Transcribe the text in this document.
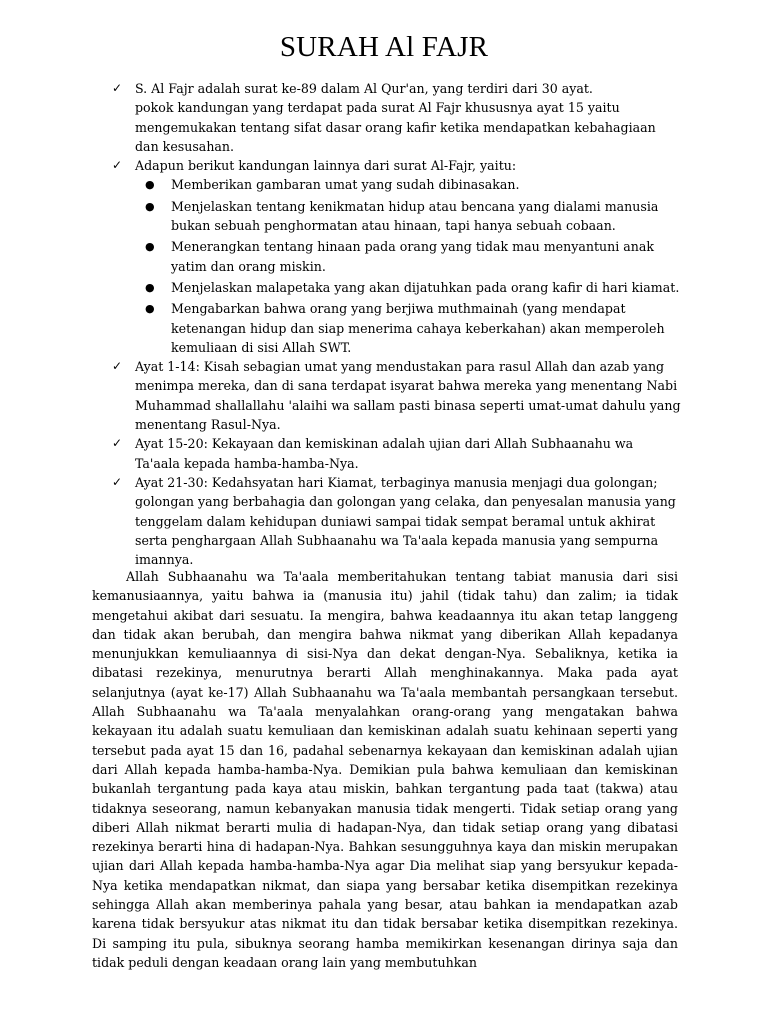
SURAH Al FAJR
✓ S. Al Fajr adalah surat ke-89 dalam Al Qur'an, yang terdiri dari 30 ayat.
pokok kandungan yang terdapat pada surat Al Fajr khususnya ayat 15 yaitu mengemukakan tentang sifat dasar orang kafir ketika mendapatkan kebahagiaan dan kesusahan.
✓ Adapun berikut kandungan lainnya dari surat Al-Fajr, yaitu:
● Memberikan gambaran umat yang sudah dibinasakan.
● Menjelaskan tentang kenikmatan hidup atau bencana yang dialami manusia bukan sebuah penghormatan atau hinaan, tapi hanya sebuah cobaan.
● Menerangkan tentang hinaan pada orang yang tidak mau menyantuni anak yatim dan orang miskin.
● Menjelaskan malapetaka yang akan dijatuhkan pada orang kafir di hari kiamat.
● Mengabarkan bahwa orang yang berjiwa muthmainah (yang mendapat ketenangan hidup dan siap menerima cahaya keberkahan) akan memperoleh kemuliaan di sisi Allah SWT.
✓ Ayat 1-14: Kisah sebagian umat yang mendustakan para rasul Allah dan azab yang menimpa mereka, dan di sana terdapat isyarat bahwa mereka yang menentang Nabi Muhammad shallallahu 'alaihi wa sallam pasti binasa seperti umat-umat dahulu yang menentang Rasul-Nya.
✓ Ayat 15-20: Kekayaan dan kemiskinan adalah ujian dari Allah Subhaanahu wa Ta'aala kepada hamba-hamba-Nya.
✓ Ayat 21-30: Kedahsyatan hari Kiamat, terbaginya manusia menjagi dua golongan; golongan yang berbahagia dan golongan yang celaka, dan penyesalan manusia yang tenggelam dalam kehidupan duniawi sampai tidak sempat beramal untuk akhirat serta penghargaan Allah Subhaanahu wa Ta'aala kepada manusia yang sempurna imannya.

Allah Subhaanahu wa Ta'aala memberitahukan tentang tabiat manusia dari sisi kemanusiaannya, yaitu bahwa ia (manusia itu) jahil (tidak tahu) dan zalim; ia tidak mengetahui akibat dari sesuatu. Ia mengira, bahwa keadaannya itu akan tetap langgeng dan tidak akan berubah, dan mengira bahwa nikmat yang diberikan Allah kepadanya menunjukkan kemuliaannya di sisi-Nya dan dekat dengan-Nya. Sebaliknya, ketika ia dibatasi rezekinya, menurutnya berarti Allah menghinakannya. Maka pada ayat selanjutnya (ayat ke-17) Allah Subhaanahu wa Ta'aala membantah persangkaan tersebut. Allah Subhaanahu wa Ta'aala menyalahkan orang-orang yang mengatakan bahwa kekayaan itu adalah suatu kemuliaan dan kemiskinan adalah suatu kehinaan seperti yang tersebut pada ayat 15 dan 16, padahal sebenarnya kekayaan dan kemiskinan adalah ujian dari Allah kepada hamba-hamba-Nya. Demikian pula bahwa kemuliaan dan kemiskinan bukanlah tergantung pada kaya atau miskin, bahkan tergantung pada taat (takwa) atau tidaknya seseorang, namun kebanyakan manusia tidak mengerti. Tidak setiap orang yang diberi Allah nikmat berarti mulia di hadapan-Nya, dan tidak setiap orang yang dibatasi rezekinya berarti hina di hadapan-Nya. Bahkan sesungguhnya kaya dan miskin merupakan ujian dari Allah kepada hamba-hamba-Nya agar Dia melihat siap yang bersyukur kepada-Nya ketika mendapatkan nikmat, dan siapa yang bersabar ketika disempitkan rezekinya sehingga Allah akan memberinya pahala yang besar, atau bahkan ia mendapatkan azab karena tidak bersyukur atas nikmat itu dan tidak bersabar ketika disempitkan rezekinya. Di samping itu pula, sibuknya seorang hamba memikirkan kesenangan dirinya saja dan tidak peduli dengan keadaan orang lain yang membutuhkan
